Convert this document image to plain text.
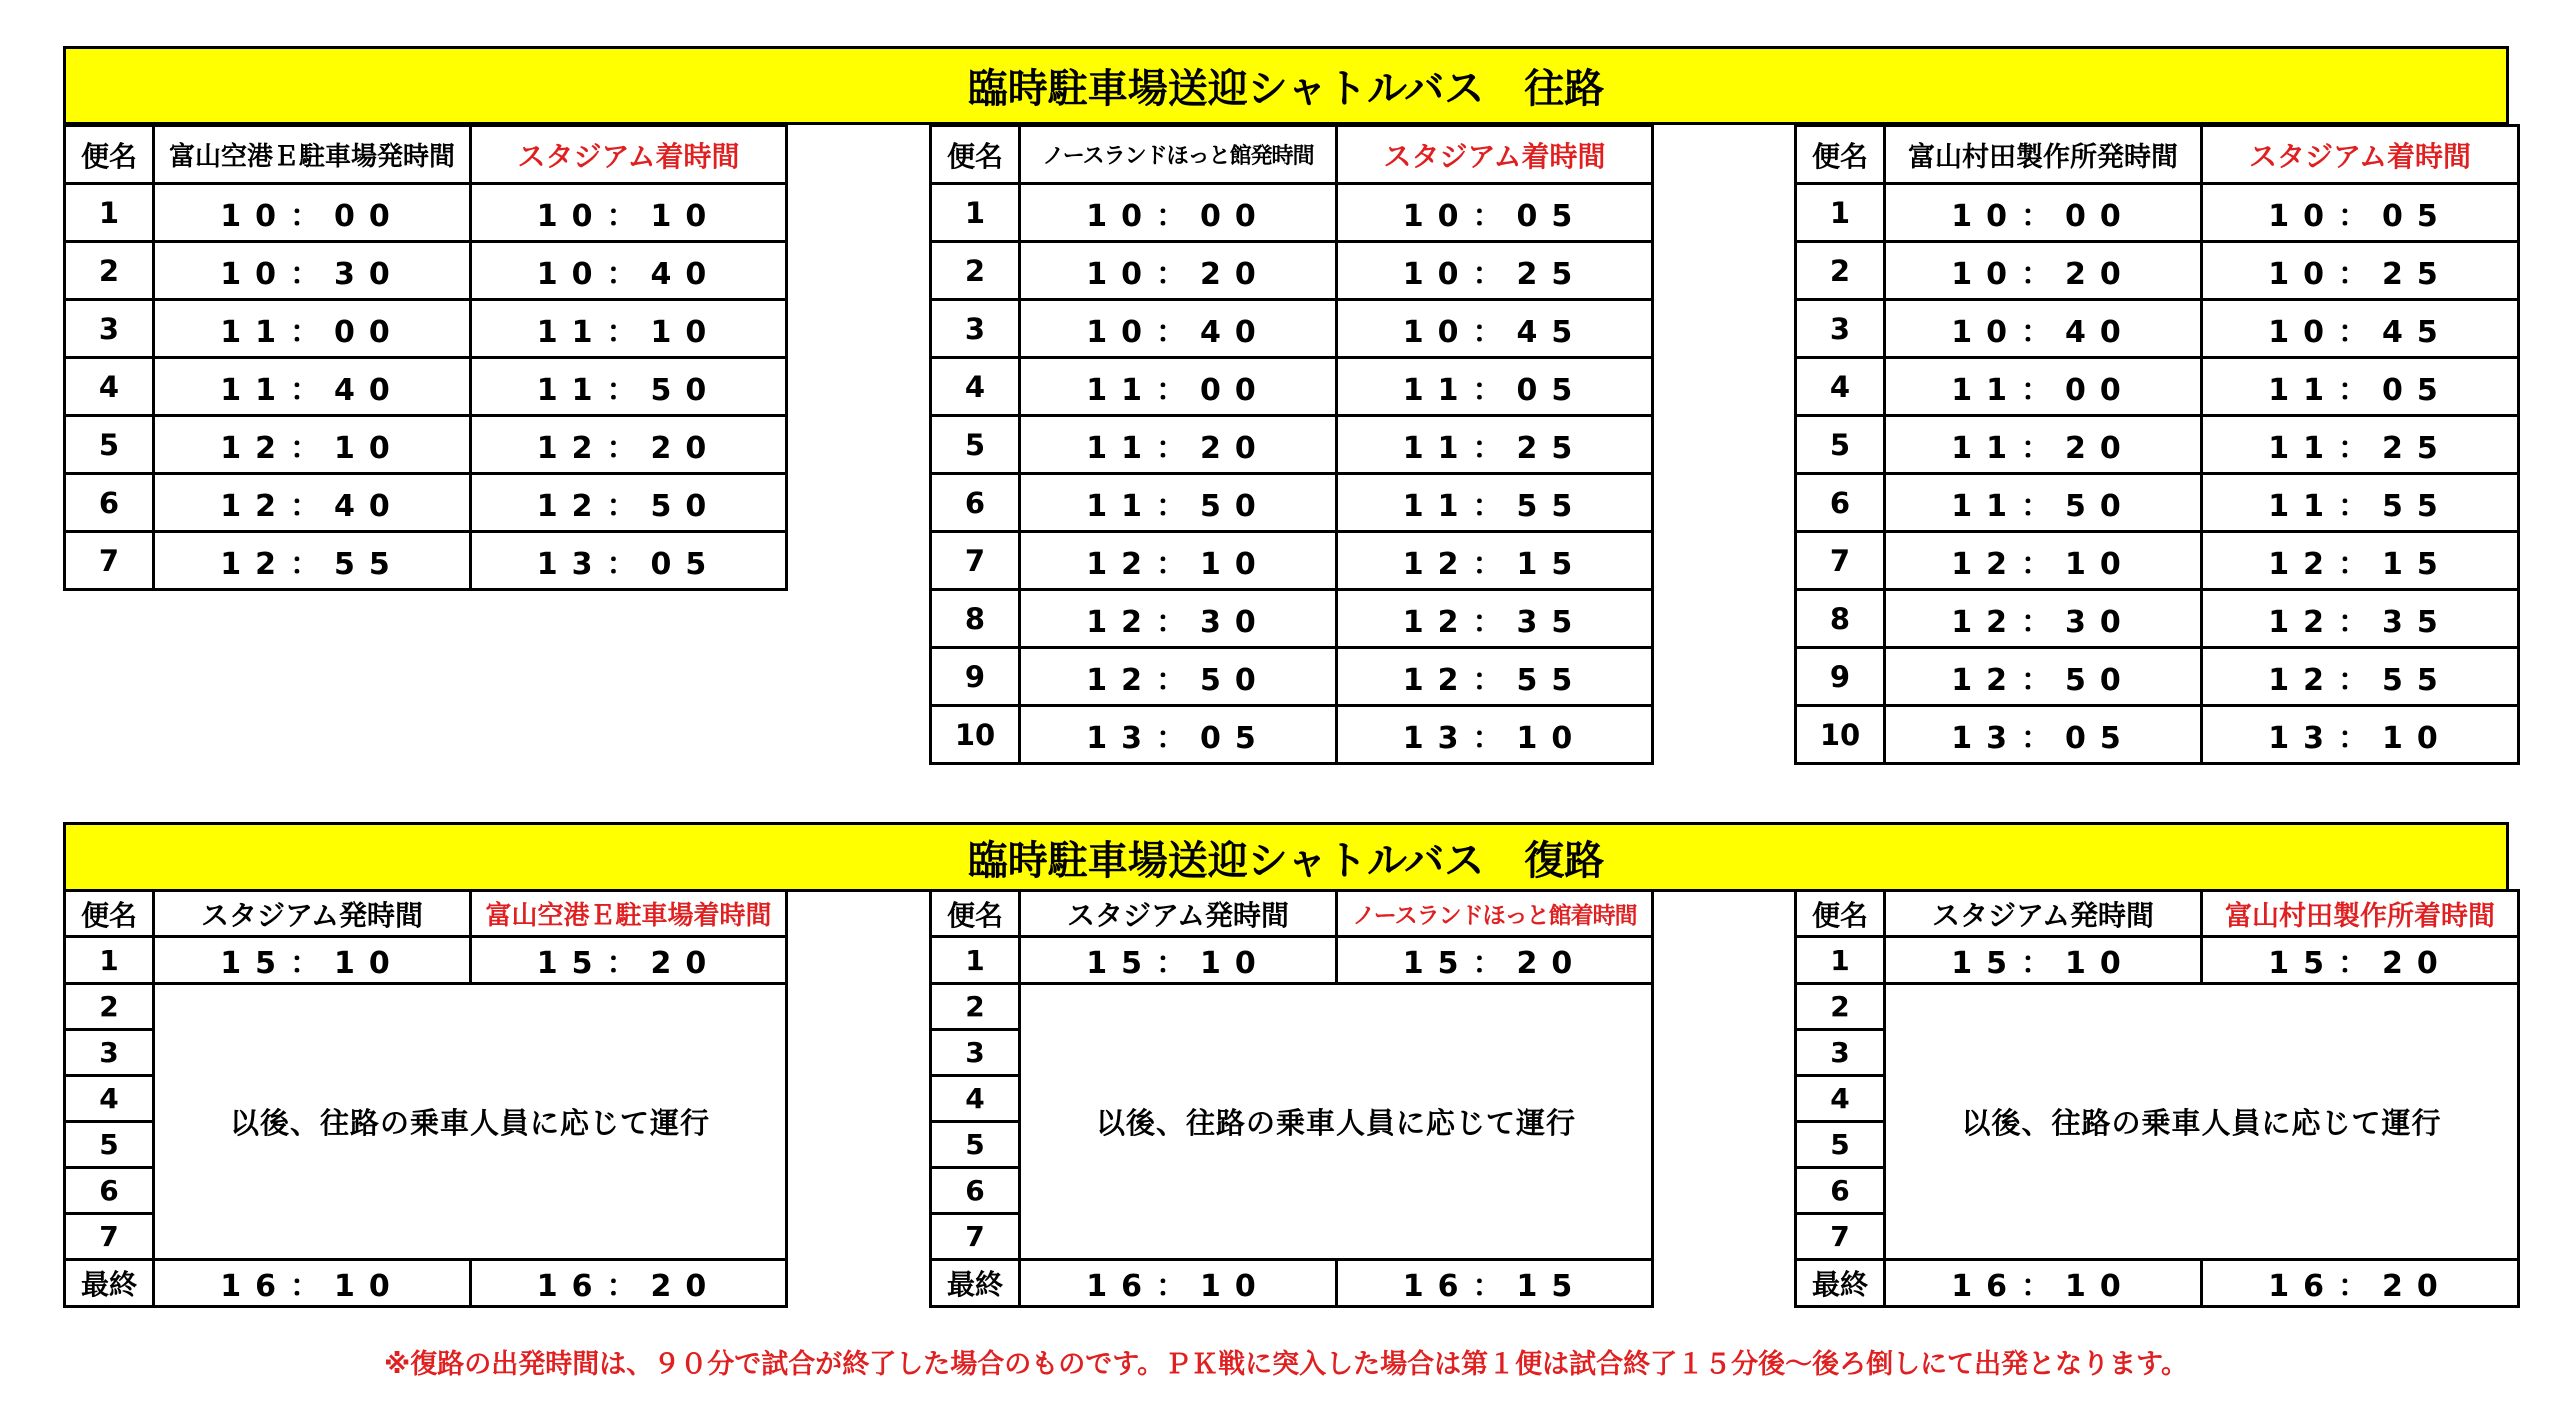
臨時駐車場送迎シャトルバス　往路
便名	富山空港Ｅ駐車場発時間	スタジアム着時間
1	10：00	10：10
2	10：30	10：40
3	11：00	11：10
4	11：40	11：50
5	12：10	12：20
6	12：40	12：50
7	12：55	13：05
便名	ノースランドほっと館発時間	スタジアム着時間
1	10：00	10：05
2	10：20	10：25
3	10：40	10：45
4	11：00	11：05
5	11：20	11：25
6	11：50	11：55
7	12：10	12：15
8	12：30	12：35
9	12：50	12：55
10	13：05	13：10
便名	富山村田製作所発時間	スタジアム着時間
1	10：00	10：05
2	10：20	10：25
3	10：40	10：45
4	11：00	11：05
5	11：20	11：25
6	11：50	11：55
7	12：10	12：15
8	12：30	12：35
9	12：50	12：55
10	13：05	13：10
臨時駐車場送迎シャトルバス　復路
便名	スタジアム発時間	富山空港Ｅ駐車場着時間
1	15：10	15：20
2	以後、往路の乗車人員に応じて運行	
3		
4		
5		
6		
7		
最終	16：10	16：20
便名	スタジアム発時間	ノースランドほっと館着時間
1	15：10	15：20
2	以後、往路の乗車人員に応じて運行	
3		
4		
5		
6		
7		
最終	16：10	16：15
便名	スタジアム発時間	富山村田製作所着時間
1	15：10	15：20
2	以後、往路の乗車人員に応じて運行	
3		
4		
5		
6		
7		
最終	16：10	16：20
※復路の出発時間は、９０分で試合が終了した場合のものです。ＰＫ戦に突入した場合は第１便は試合終了１５分後～後ろ倒しにて出発となります。
